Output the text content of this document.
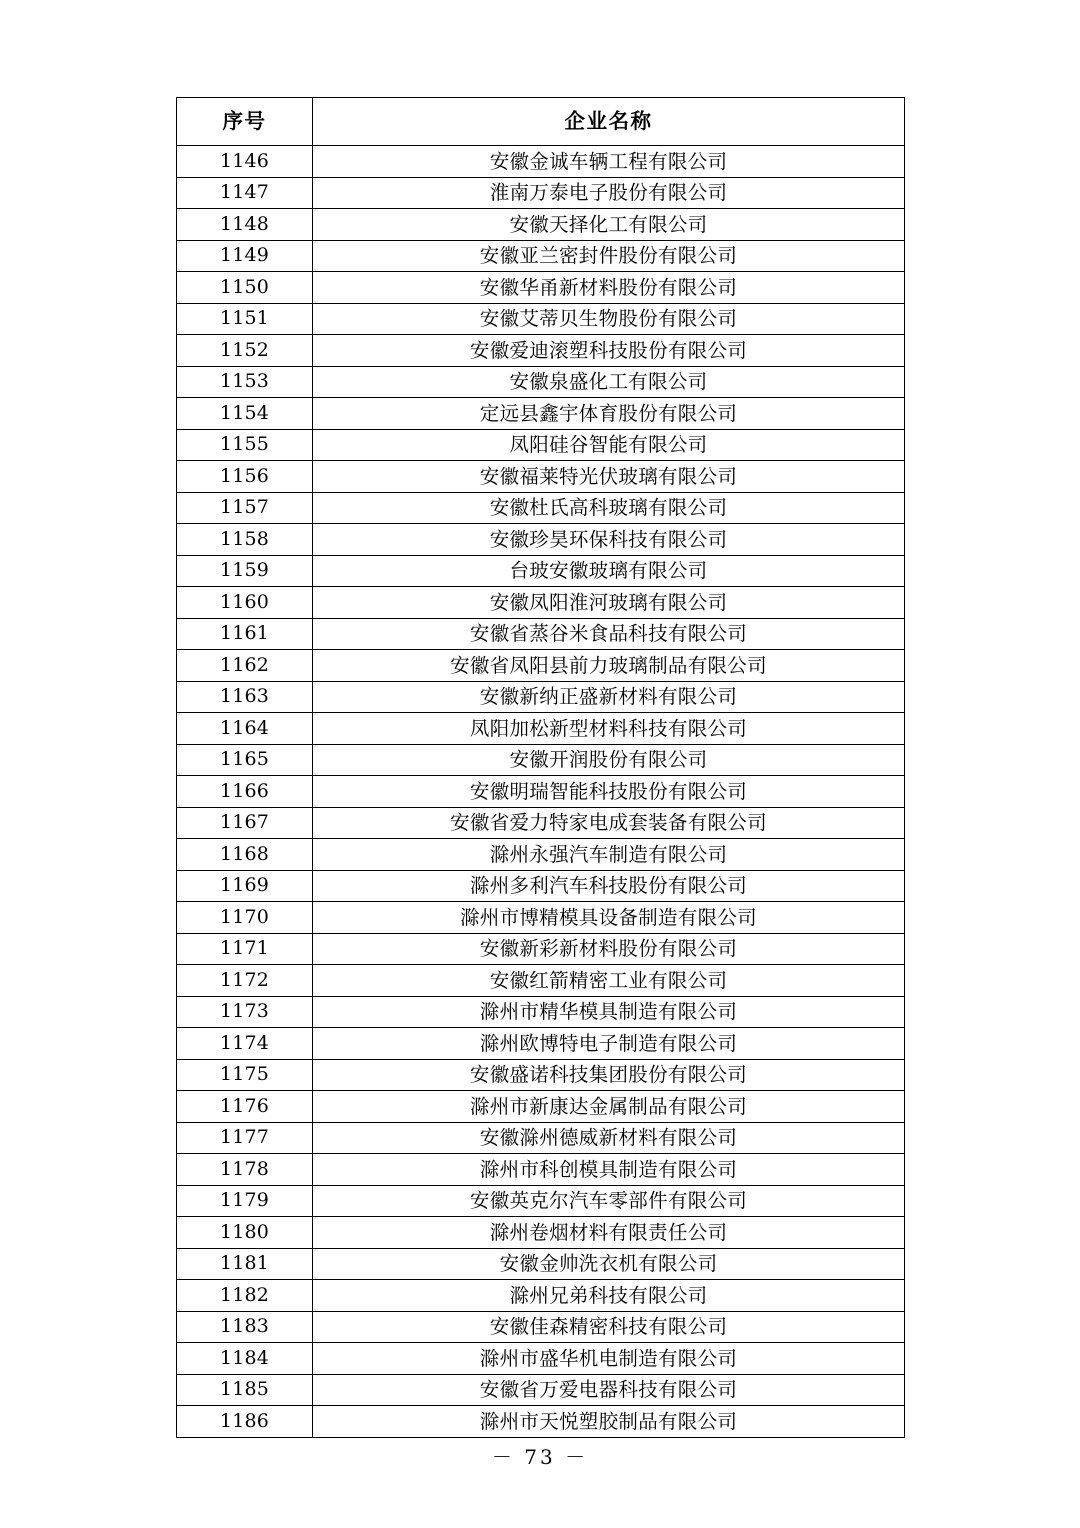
序号	企业名称
1146	安徽金诚车辆工程有限公司
1147	淮南万泰电子股份有限公司
1148	安徽天择化工有限公司
1149	安徽亚兰密封件股份有限公司
1150	安徽华甬新材料股份有限公司
1151	安徽艾蒂贝生物股份有限公司
1152	安徽爱迪滚塑科技股份有限公司
1153	安徽泉盛化工有限公司
1154	定远县鑫宇体育股份有限公司
1155	凤阳硅谷智能有限公司
1156	安徽福莱特光伏玻璃有限公司
1157	安徽杜氏高科玻璃有限公司
1158	安徽珍昊环保科技有限公司
1159	台玻安徽玻璃有限公司
1160	安徽凤阳淮河玻璃有限公司
1161	安徽省蒸谷米食品科技有限公司
1162	安徽省凤阳县前力玻璃制品有限公司
1163	安徽新纳正盛新材料有限公司
1164	凤阳加松新型材料科技有限公司
1165	安徽开润股份有限公司
1166	安徽明瑞智能科技股份有限公司
1167	安徽省爱力特家电成套装备有限公司
1168	滁州永强汽车制造有限公司
1169	滁州多利汽车科技股份有限公司
1170	滁州市博精模具设备制造有限公司
1171	安徽新彩新材料股份有限公司
1172	安徽红箭精密工业有限公司
1173	滁州市精华模具制造有限公司
1174	滁州欧博特电子制造有限公司
1175	安徽盛诺科技集团股份有限公司
1176	滁州市新康达金属制品有限公司
1177	安徽滁州德威新材料有限公司
1178	滁州市科创模具制造有限公司
1179	安徽英克尔汽车零部件有限公司
1180	滁州卷烟材料有限责任公司
1181	安徽金帅洗衣机有限公司
1182	滁州兄弟科技有限公司
1183	安徽佳森精密科技有限公司
1184	滁州市盛华机电制造有限公司
1185	安徽省万爱电器科技有限公司
1186	滁州市天悦塑胶制品有限公司
－ 73 －
